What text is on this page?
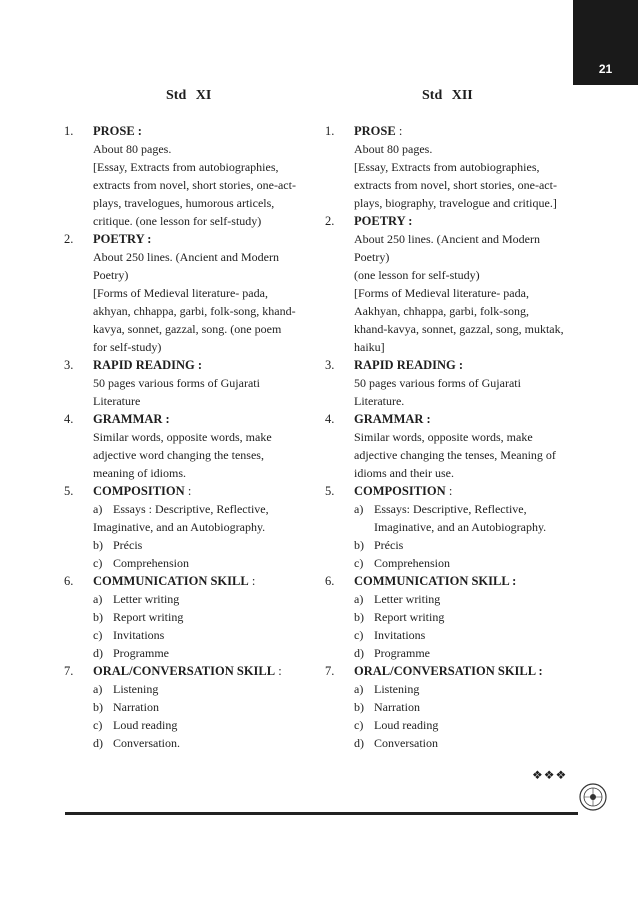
21
Std XI	Std XII
1.	PROSE :
About 80 pages.
[Essay, Extracts from autobiographies,
extracts from novel, short stories, one-act-
plays, travelogues, humorous articels,
critique. (one lesson for self-study)
2.	POETRY :
About 250 lines. (Ancient and Modern
Poetry)
[Forms of Medieval literature- pada,
akhyan, chhappa, garbi, folk-song, khand-
kavya, sonnet, gazzal, song. (one poem
for self-study)
3.	RAPID READING :
50 pages various forms of Gujarati
Literature
4.	GRAMMAR :
Similar words, opposite words, make
adjective word changing the tenses,
meaning of idioms.
5.	COMPOSITION :
a) Essays : Descriptive, Reflective,
Imaginative, and an Autobiography.
b) Précis
c) Comprehension
6.	COMMUNICATION SKILL :
a) Letter writing
b) Report writing
c) Invitations
d) Programme
7.	ORAL/CONVERSATION SKILL :
a) Listening
b) Narration
c) Loud reading
d) Conversation.
1.	PROSE :
About 80 pages.
[Essay, Extracts from autobiographies,
extracts from novel, short stories, one-act-
plays, biography, travelogue and critique.]
2.	POETRY :
About 250 lines. (Ancient and Modern
Poetry)
(one lesson for self-study)
[Forms of Medieval literature- pada,
Aakhyan, chhappa, garbi, folk-song,
khand-kavya, sonnet, gazzal, song, muktak,
haiku]
3.	RAPID READING :
50 pages various forms of Gujarati
Literature.
4.	GRAMMAR :
Similar words, opposite words, make
adjective changing the tenses, Meaning of
idioms and their use.
5.	COMPOSITION :
a) Essays: Descriptive, Reflective,
Imaginative, and an Autobiography.
b) Précis
c) Comprehension
6.	COMMUNICATION SKILL :
a) Letter writing
b) Report writing
c) Invitations
d) Programme
7.	ORAL/CONVERSATION SKILL :
a) Listening
b) Narration
c) Loud reading
d) Conversation
❖❖❖
